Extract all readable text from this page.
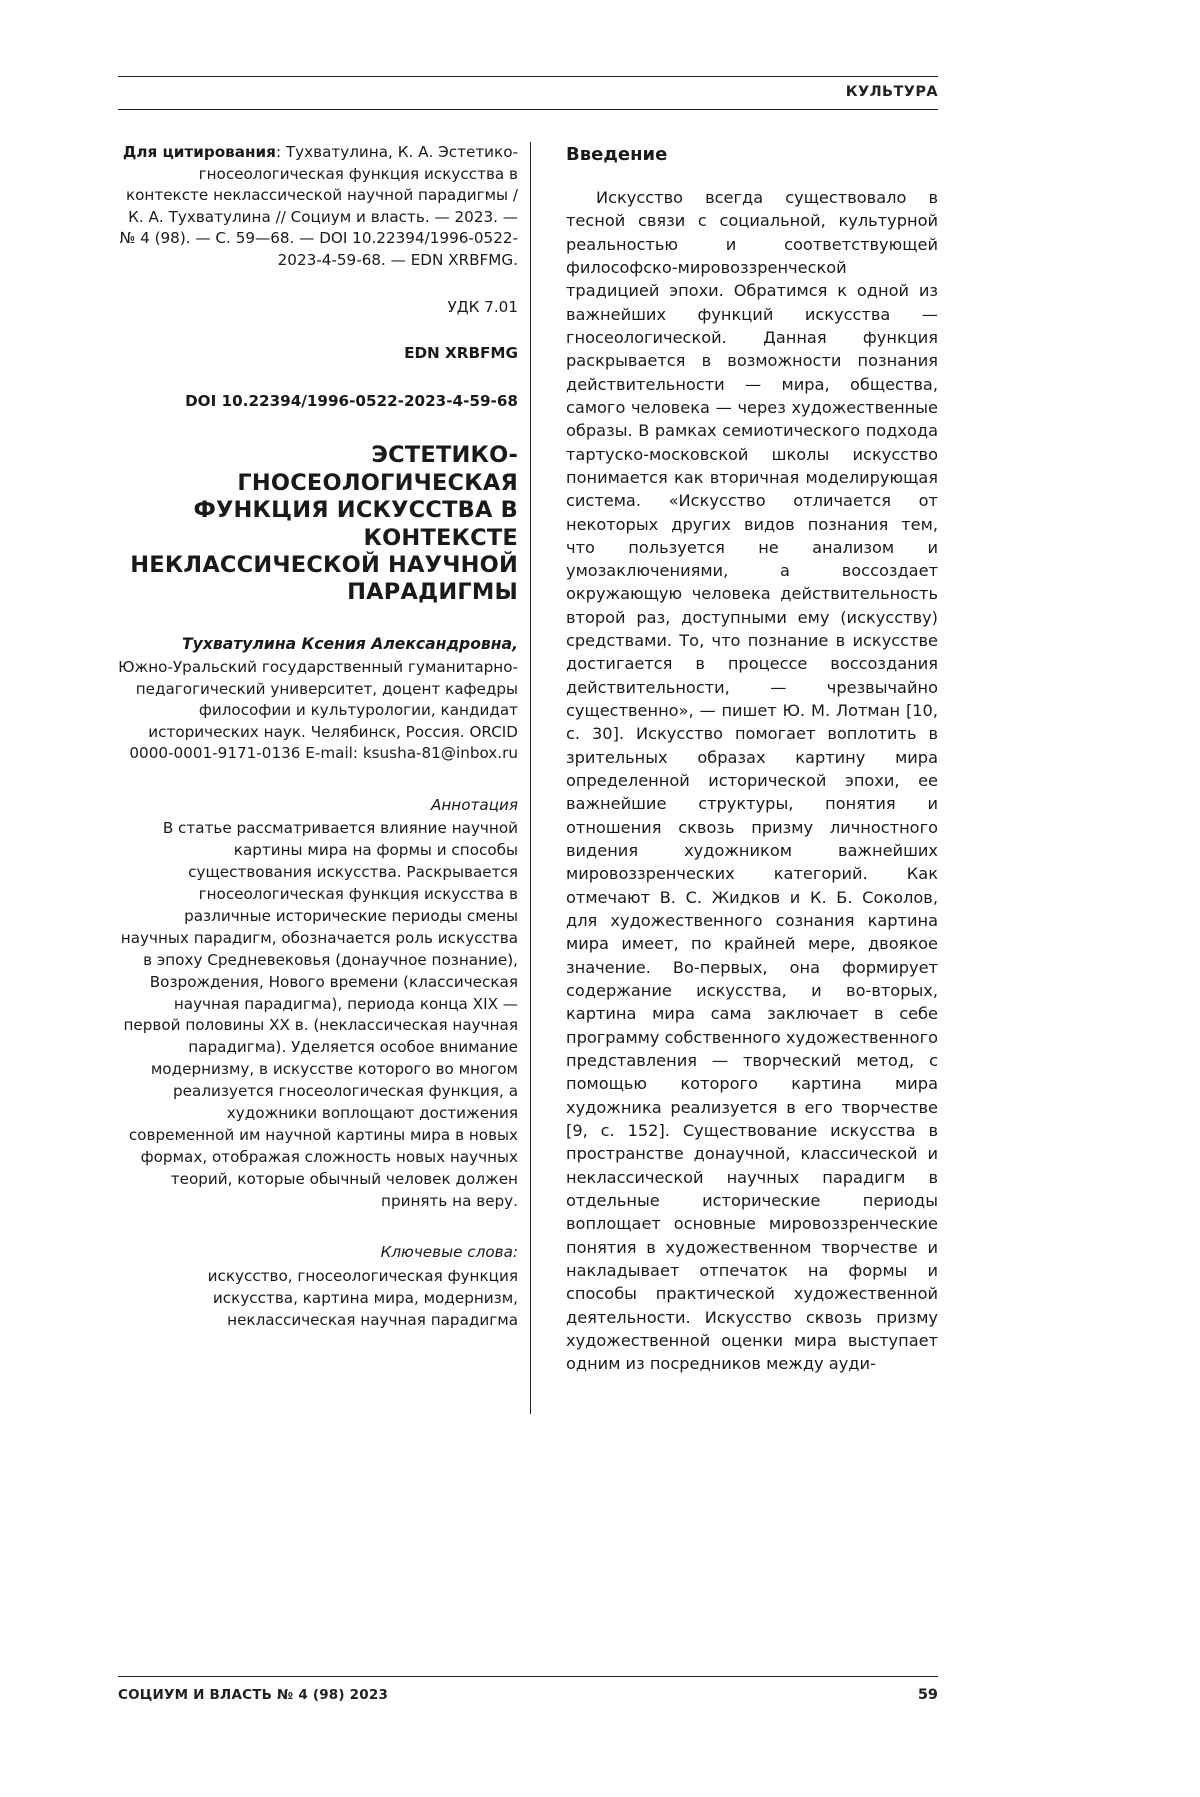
КУЛЬТУРА

Для цитирования: Тухватулина, К. А. Эстетико-гносеологическая функция искусства в контексте неклассической научной парадигмы / К. А. Тухватулина // Социум и власть. — 2023. — № 4 (98). — С. 59—68. — DOI 10.22394/1996-0522-2023-4-59-68. — EDN XRBFMG.

УДК 7.01

EDN XRBFMG

DOI 10.22394/1996-0522-2023-4-59-68

ЭСТЕТИКО-ГНОСЕОЛОГИЧЕСКАЯ ФУНКЦИЯ ИСКУССТВА В КОНТЕКСТЕ НЕКЛАССИЧЕСКОЙ НАУЧНОЙ ПАРАДИГМЫ

Тухватулина Ксения Александровна,

Южно-Уральский государственный гуманитарно-педагогический университет, доцент кафедры философии и культурологии, кандидат исторических наук. Челябинск, Россия. ORCID 0000-0001-9171-0136 E-mail: ksusha-81@inbox.ru

Аннотация

В статье рассматривается влияние научной картины мира на формы и способы существования искусства. Раскрывается гносеологическая функция искусства в различные исторические периоды смены научных парадигм, обозначается роль искусства в эпоху Средневековья (донаучное познание), Возрождения, Нового времени (классическая научная парадигма), периода конца XIX — первой половины XX в. (неклассическая научная парадигма). Уделяется особое внимание модернизму, в искусстве которого во многом реализуется гносеологическая функция, а художники воплощают достижения современной им научной картины мира в новых формах, отображая сложность новых научных теорий, которые обычный человек должен принять на веру.

Ключевые слова:

искусство, гносеологическая функция искусства, картина мира, модернизм, неклассическая научная парадигма

Введение

Искусство всегда существовало в тесной связи с социальной, культурной реальностью и соответствующей философско-мировоззренческой традицией эпохи. Обратимся к одной из важнейших функций искусства — гносеологической. Данная функция раскрывается в возможности познания действительности — мира, общества, самого человека — через художественные образы. В рамках семиотического подхода тартуско-московской школы искусство понимается как вторичная моделирующая система. «Искусство отличается от некоторых других видов познания тем, что пользуется не анализом и умозаключениями, а воссоздает окружающую человека действительность второй раз, доступными ему (искусству) средствами. То, что познание в искусстве достигается в процессе воссоздания действительности, — чрезвычайно существенно», — пишет Ю. М. Лотман [10, с. 30]. Искусство помогает воплотить в зрительных образах картину мира определенной исторической эпохи, ее важнейшие структуры, понятия и отношения сквозь призму личностного видения художником важнейших мировоззренческих категорий. Как отмечают В. С. Жидков и К. Б. Соколов, для художественного сознания картина мира имеет, по крайней мере, двоякое значение. Во-первых, она формирует содержание искусства, и во-вторых, картина мира сама заключает в себе программу собственного художественного представления — творческий метод, с помощью которого картина мира художника реализуется в его творчестве [9, с. 152]. Существование искусства в пространстве донаучной, классической и неклассической научных парадигм в отдельные исторические периоды воплощает основные мировоззренческие понятия в художественном творчестве и накладывает отпечаток на формы и способы практической художественной деятельности. Искусство сквозь призму художественной оценки мира выступает одним из посредников между ауди-

СОЦИУМ И ВЛАСТЬ № 4 (98) 2023	59
